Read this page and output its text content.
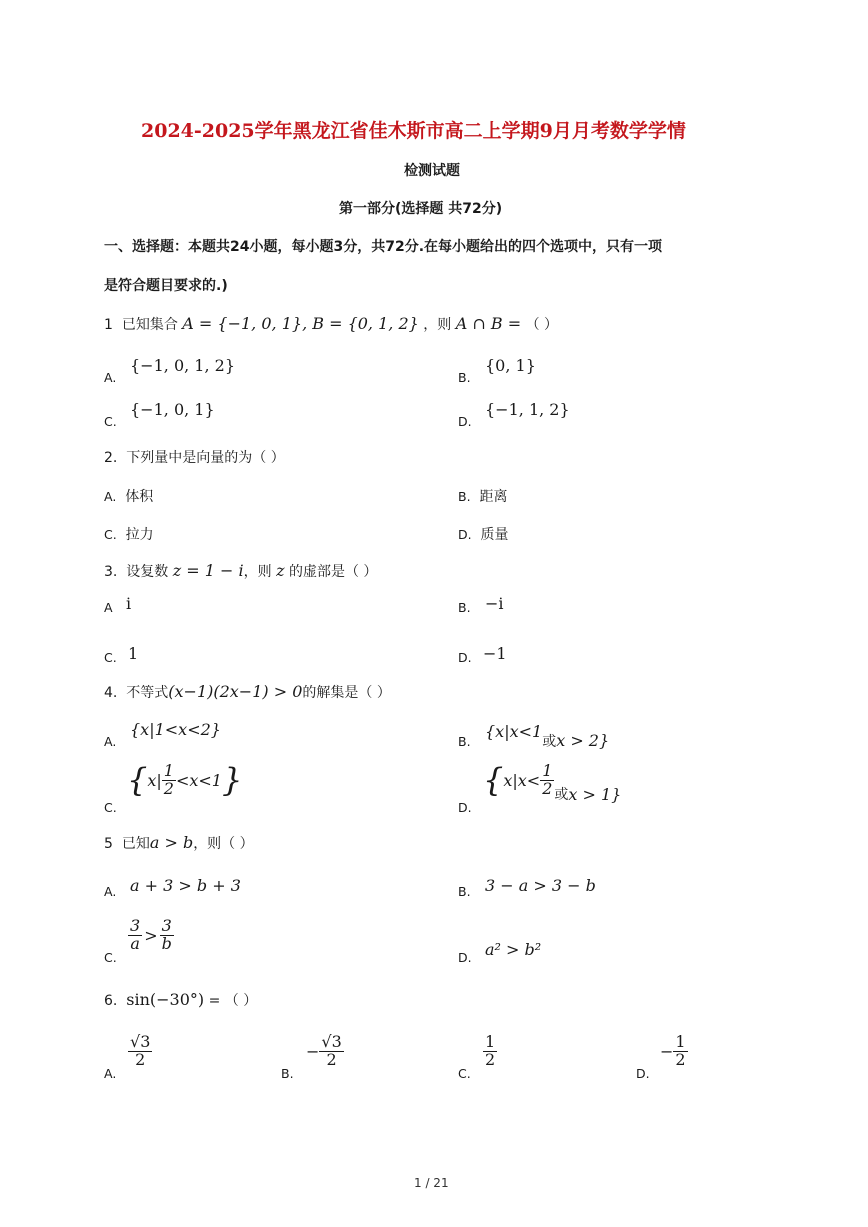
2024-2025学年黑龙江省佳木斯市高二上学期9月月考数学学情
检测试题
第一部分(选择题 共72分)
一、选择题：本题共24小题，每小题3分，共72分.在每小题给出的四个选项中，只有一项
是符合题目要求的.)
1 已知集合 A = {−1, 0, 1}, B = {0, 1, 2} ，则 A ∩ B = （ ）
A.
{−1, 0, 1, 2}
B.
{0, 1}
C.
{−1, 0, 1}
D.
{−1, 1, 2}
2. 下列量中是向量的为（ ）
A. 体积	B. 距离
C. 拉力	D. 质量
3. 设复数 z = 1 − i，则 z 的虚部是（ ）
A i	B. −i
C. 1	D. −1
4. 不等式(x−1)(2x−1) > 0的解集是（ ）
A.
{x|1<x<2}
B.
{x|x<1或x > 2}
C.
{ $x| \frac{1}{2} <x<1$ }
D.
{ $x|x< \frac{1}{2}$ 或 x > 1}
5 已知a > b，则（ ）
A. a + 3 > b + 3	B. 3 − a > 3 − b
C.
$\frac{3}{a} > \frac{3}{b}$
D. a² > b²
6. sin(−30°) = （ ）
A.
$\frac{√3}{2}$
B.
− $\frac{√3}{2}$
C.
$\frac{1}{2}$
D.
− $\frac{1}{2}$
1 / 21
